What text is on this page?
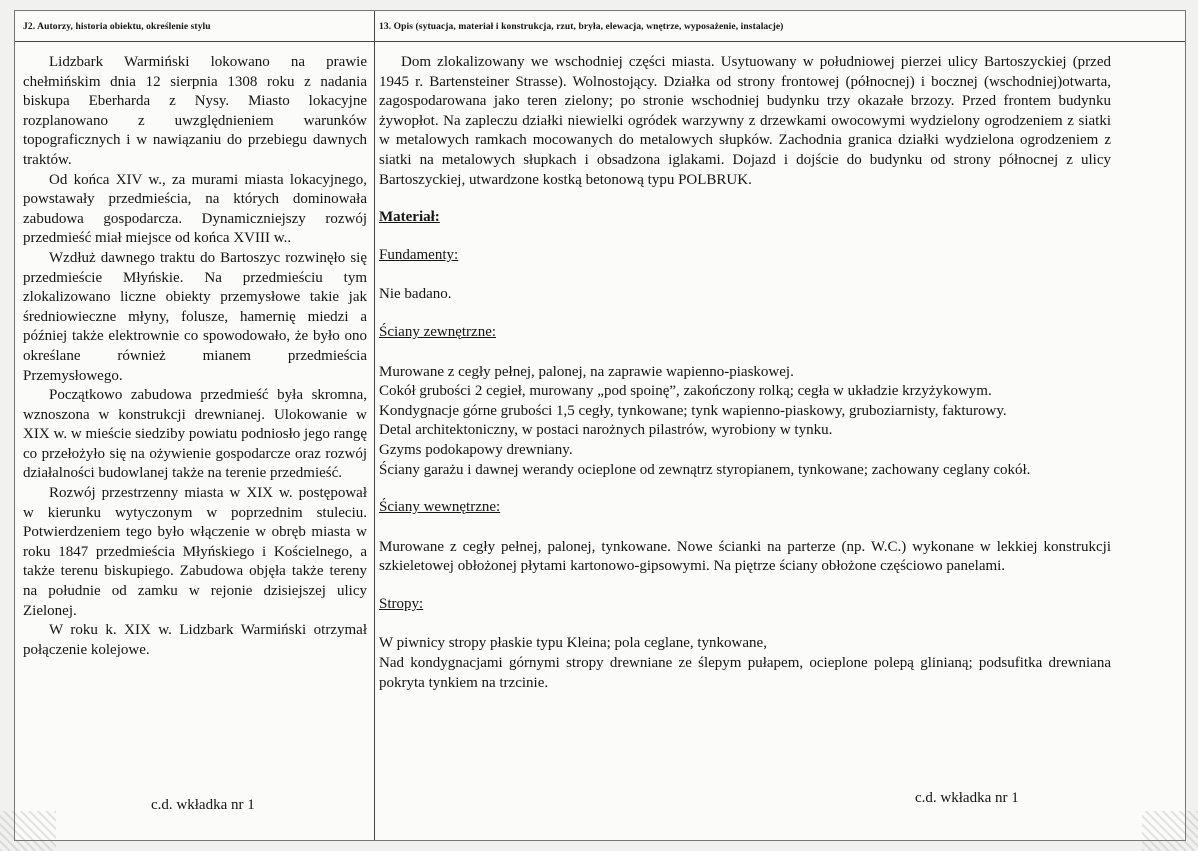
J2. Autorzy, historia obiektu, określenie stylu	13. Opis (sytuacja, materiał i konstrukcja, rzut, bryła, elewacja, wnętrze, wyposażenie, instalacje)

Lidzbark Warmiński lokowano na prawie chełmińskim dnia 12 sierpnia 1308 roku z nadania biskupa Eberharda z Nysy. Miasto lokacyjne rozplanowano z uwzględnieniem warunków topograficznych i w nawiązaniu do przebiegu dawnych traktów.

Od końca XIV w., za murami miasta lokacyjnego, powstawały przedmieścia, na których dominowała zabudowa gospodarcza. Dynamiczniejszy rozwój przedmieść miał miejsce od końca XVIII w..

Wzdłuż dawnego traktu do Bartoszyc rozwinęło się przedmieście Młyńskie. Na przedmieściu tym zlokalizowano liczne obiekty przemysłowe takie jak średniowieczne młyny, folusze, hamernię miedzi a później także elektrownie co spowodowało, że było ono określane również mianem przedmieścia Przemysłowego.

Początkowo zabudowa przedmieść była skromna, wznoszona w konstrukcji drewnianej. Ulokowanie w XIX w. w mieście siedziby powiatu podniosło jego rangę co przełożyło się na ożywienie gospodarcze oraz rozwój działalności budowlanej także na terenie przedmieść.

Rozwój przestrzenny miasta w XIX w. postępował w kierunku wytyczonym w poprzednim stuleciu. Potwierdzeniem tego było włączenie w obręb miasta w roku 1847 przedmieścia Młyńskiego i Kościelnego, a także terenu biskupiego. Zabudowa objęła także tereny na południe od zamku w rejonie dzisiejszej ulicy Zielonej.

W roku k. XIX w. Lidzbark Warmiński otrzymał połączenie kolejowe.

c.d. wkładka nr 1

Dom zlokalizowany we wschodniej części miasta. Usytuowany w południowej pierzei ulicy Bartoszyckiej (przed 1945 r. Bartensteiner Strasse). Wolnostojący. Działka od strony frontowej (północnej) i bocznej (wschodniej)otwarta, zagospodarowana jako teren zielony; po stronie wschodniej budynku trzy okazałe brzozy. Przed frontem budynku żywopłot. Na zapleczu działki niewielki ogródek warzywny z drzewkami owocowymi wydzielony ogrodzeniem z siatki w metalowych ramkach mocowanych do metalowych słupków. Zachodnia granica działki wydzielona ogrodzeniem z siatki na metalowych słupkach i obsadzona iglakami. Dojazd i dojście do budynku od strony północnej z ulicy Bartoszyckiej, utwardzone kostką betonową typu POLBRUK.

Materiał:

Fundamenty:

Nie badano.

Ściany zewnętrzne:

Murowane z cegły pełnej, palonej, na zaprawie wapienno-piaskowej.

Cokół grubości 2 cegieł, murowany „pod spoinę”, zakończony rolką; cegła w układzie krzyżykowym.

Kondygnacje górne grubości 1,5 cegły, tynkowane; tynk wapienno-piaskowy, gruboziarnisty, fakturowy.

Detal architektoniczny, w postaci narożnych pilastrów, wyrobiony w tynku.

Gzyms podokapowy drewniany.

Ściany garażu i dawnej werandy ocieplone od zewnątrz styropianem, tynkowane; zachowany ceglany cokół.

Ściany wewnętrzne:

Murowane z cegły pełnej, palonej, tynkowane. Nowe ścianki na parterze (np. W.C.) wykonane w lekkiej konstrukcji szkieletowej obłożonej płytami kartonowo-gipsowymi. Na piętrze ściany obłożone częściowo panelami.

Stropy:

W piwnicy stropy płaskie typu Kleina; pola ceglane, tynkowane,

Nad kondygnacjami górnymi stropy drewniane ze ślepym pułapem, ocieplone polepą glinianą; podsufitka drewniana pokryta tynkiem na trzcinie.

c.d. wkładka nr 1
